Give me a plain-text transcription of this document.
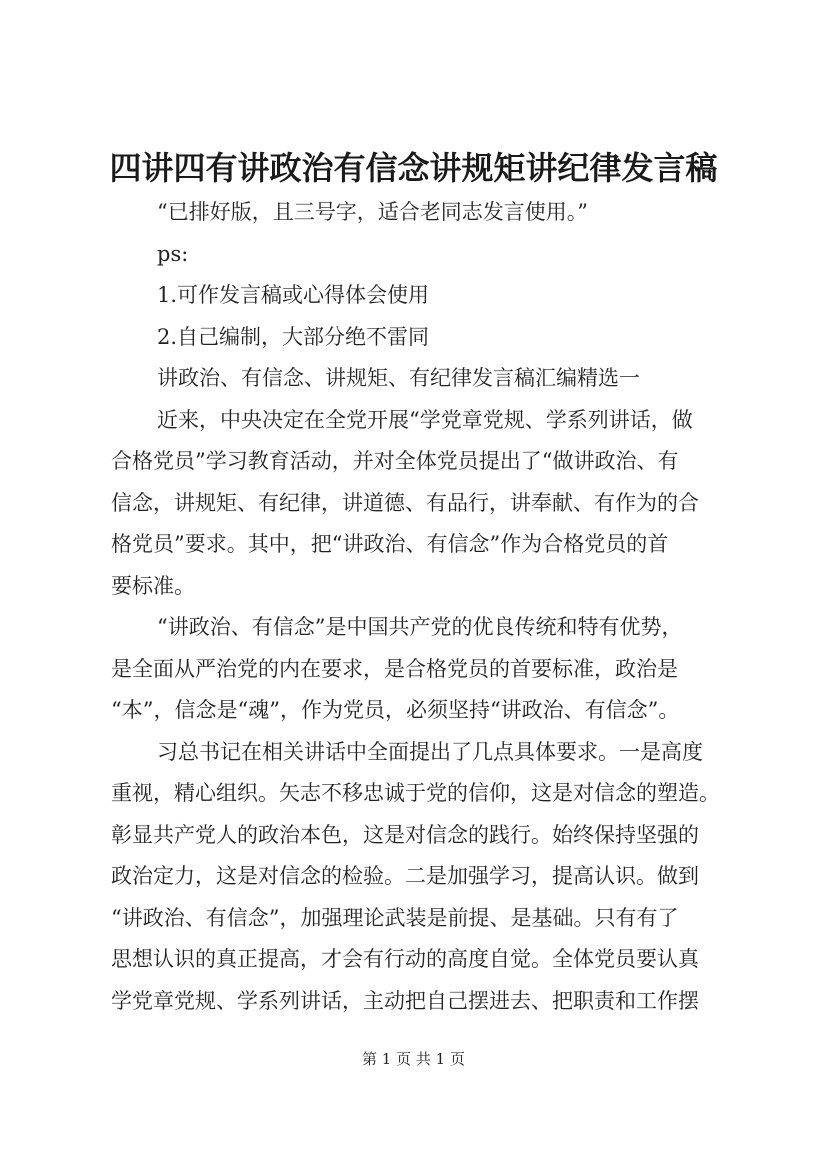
四讲四有讲政治有信念讲规矩讲纪律发言稿

“已排好版，且三号字，适合老同志发言使用。”

ps:

1.可作发言稿或心得体会使用

2.自己编制，大部分绝不雷同

讲政治、有信念、讲规矩、有纪律发言稿汇编精选一

近来，中央决定在全党开展“学党章党规、学系列讲话，做

合格党员”学习教育活动，并对全体党员提出了“做讲政治、有

信念，讲规矩、有纪律，讲道德、有品行，讲奉献、有作为的合

格党员”要求。其中，把“讲政治、有信念”作为合格党员的首

要标准。

“讲政治、有信念”是中国共产党的优良传统和特有优势，

是全面从严治党的内在要求，是合格党员的首要标准，政治是

“本”，信念是“魂”，作为党员，必须坚持“讲政治、有信念”。

习总书记在相关讲话中全面提出了几点具体要求。一是高度

重视，精心组织。矢志不移忠诚于党的信仰，这是对信念的塑造。

彰显共产党人的政治本色，这是对信念的践行。始终保持坚强的

政治定力，这是对信念的检验。二是加强学习，提高认识。做到

“讲政治、有信念”，加强理论武装是前提、是基础。只有有了

思想认识的真正提高，才会有行动的高度自觉。全体党员要认真

学党章党规、学系列讲话，主动把自己摆进去、把职责和工作摆

第 1 页 共 1 页
